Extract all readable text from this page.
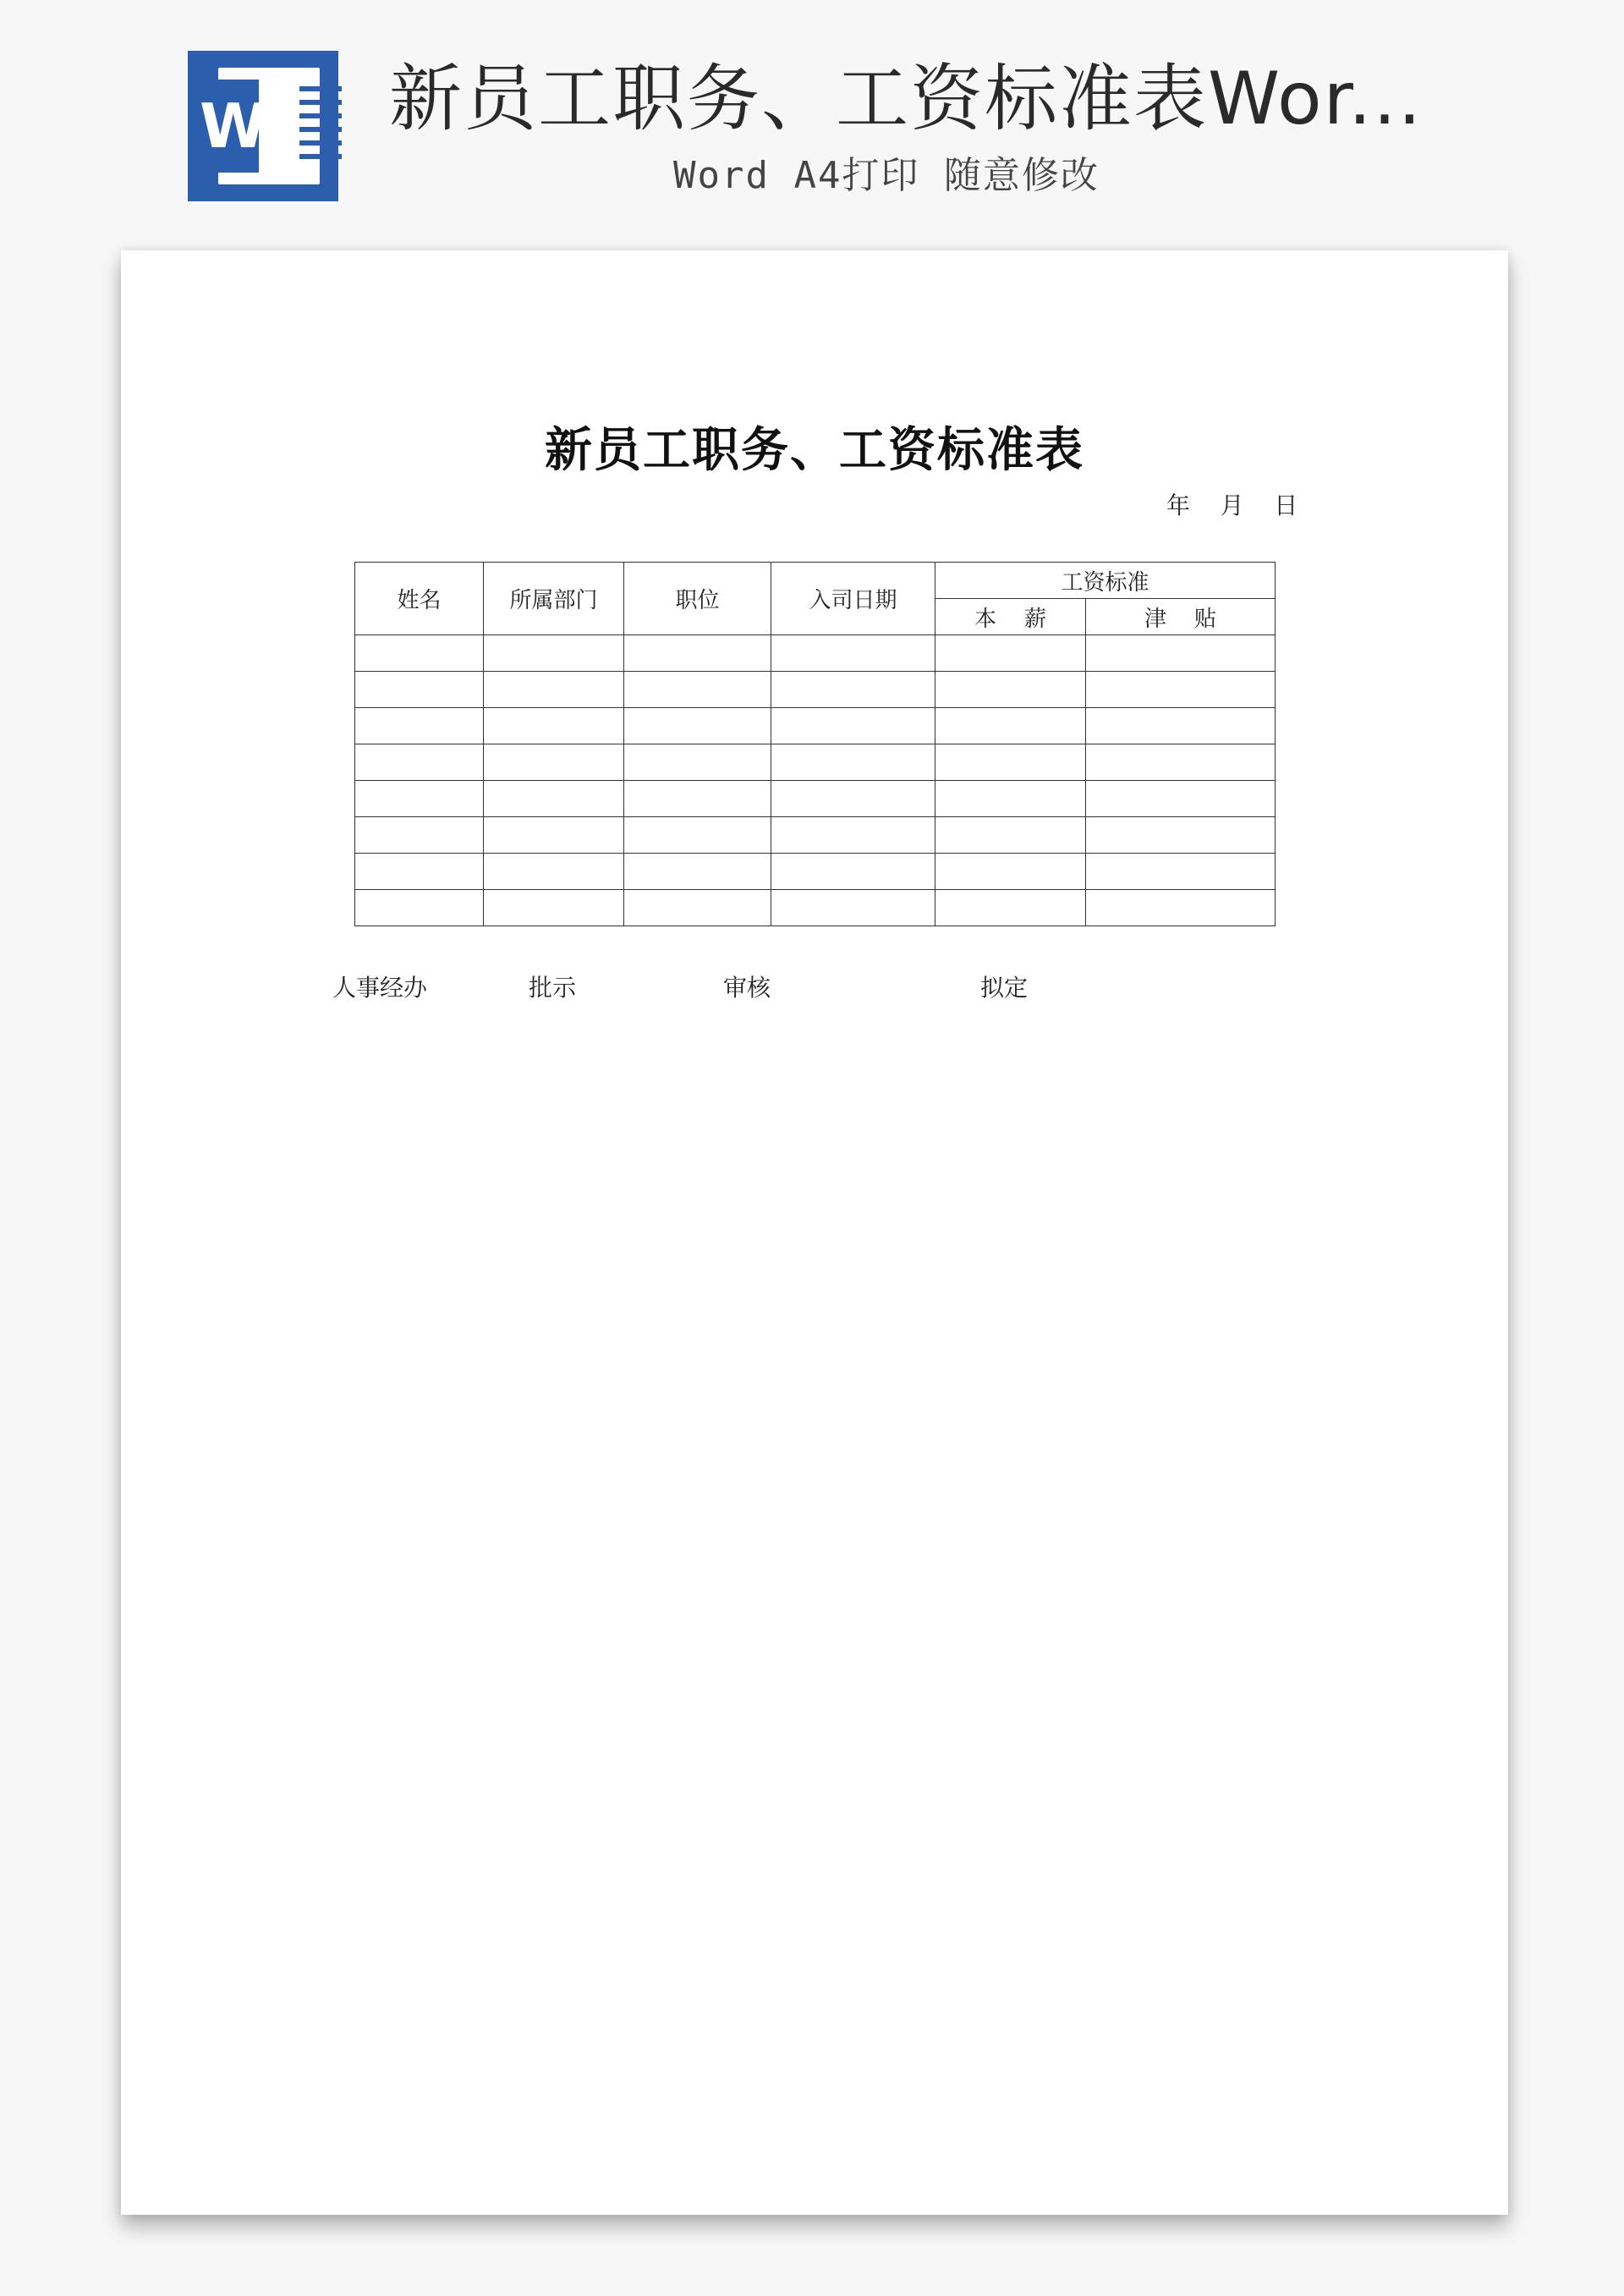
W 新员工职务、工资标准表Wor...
Word A4打印 随意修改
新员工职务、工资标准表
年    月    日
姓名	所属部门	职位	入司日期	工资标准	
				本    薪	津    贴

人事经办	批示	审核	拟定
